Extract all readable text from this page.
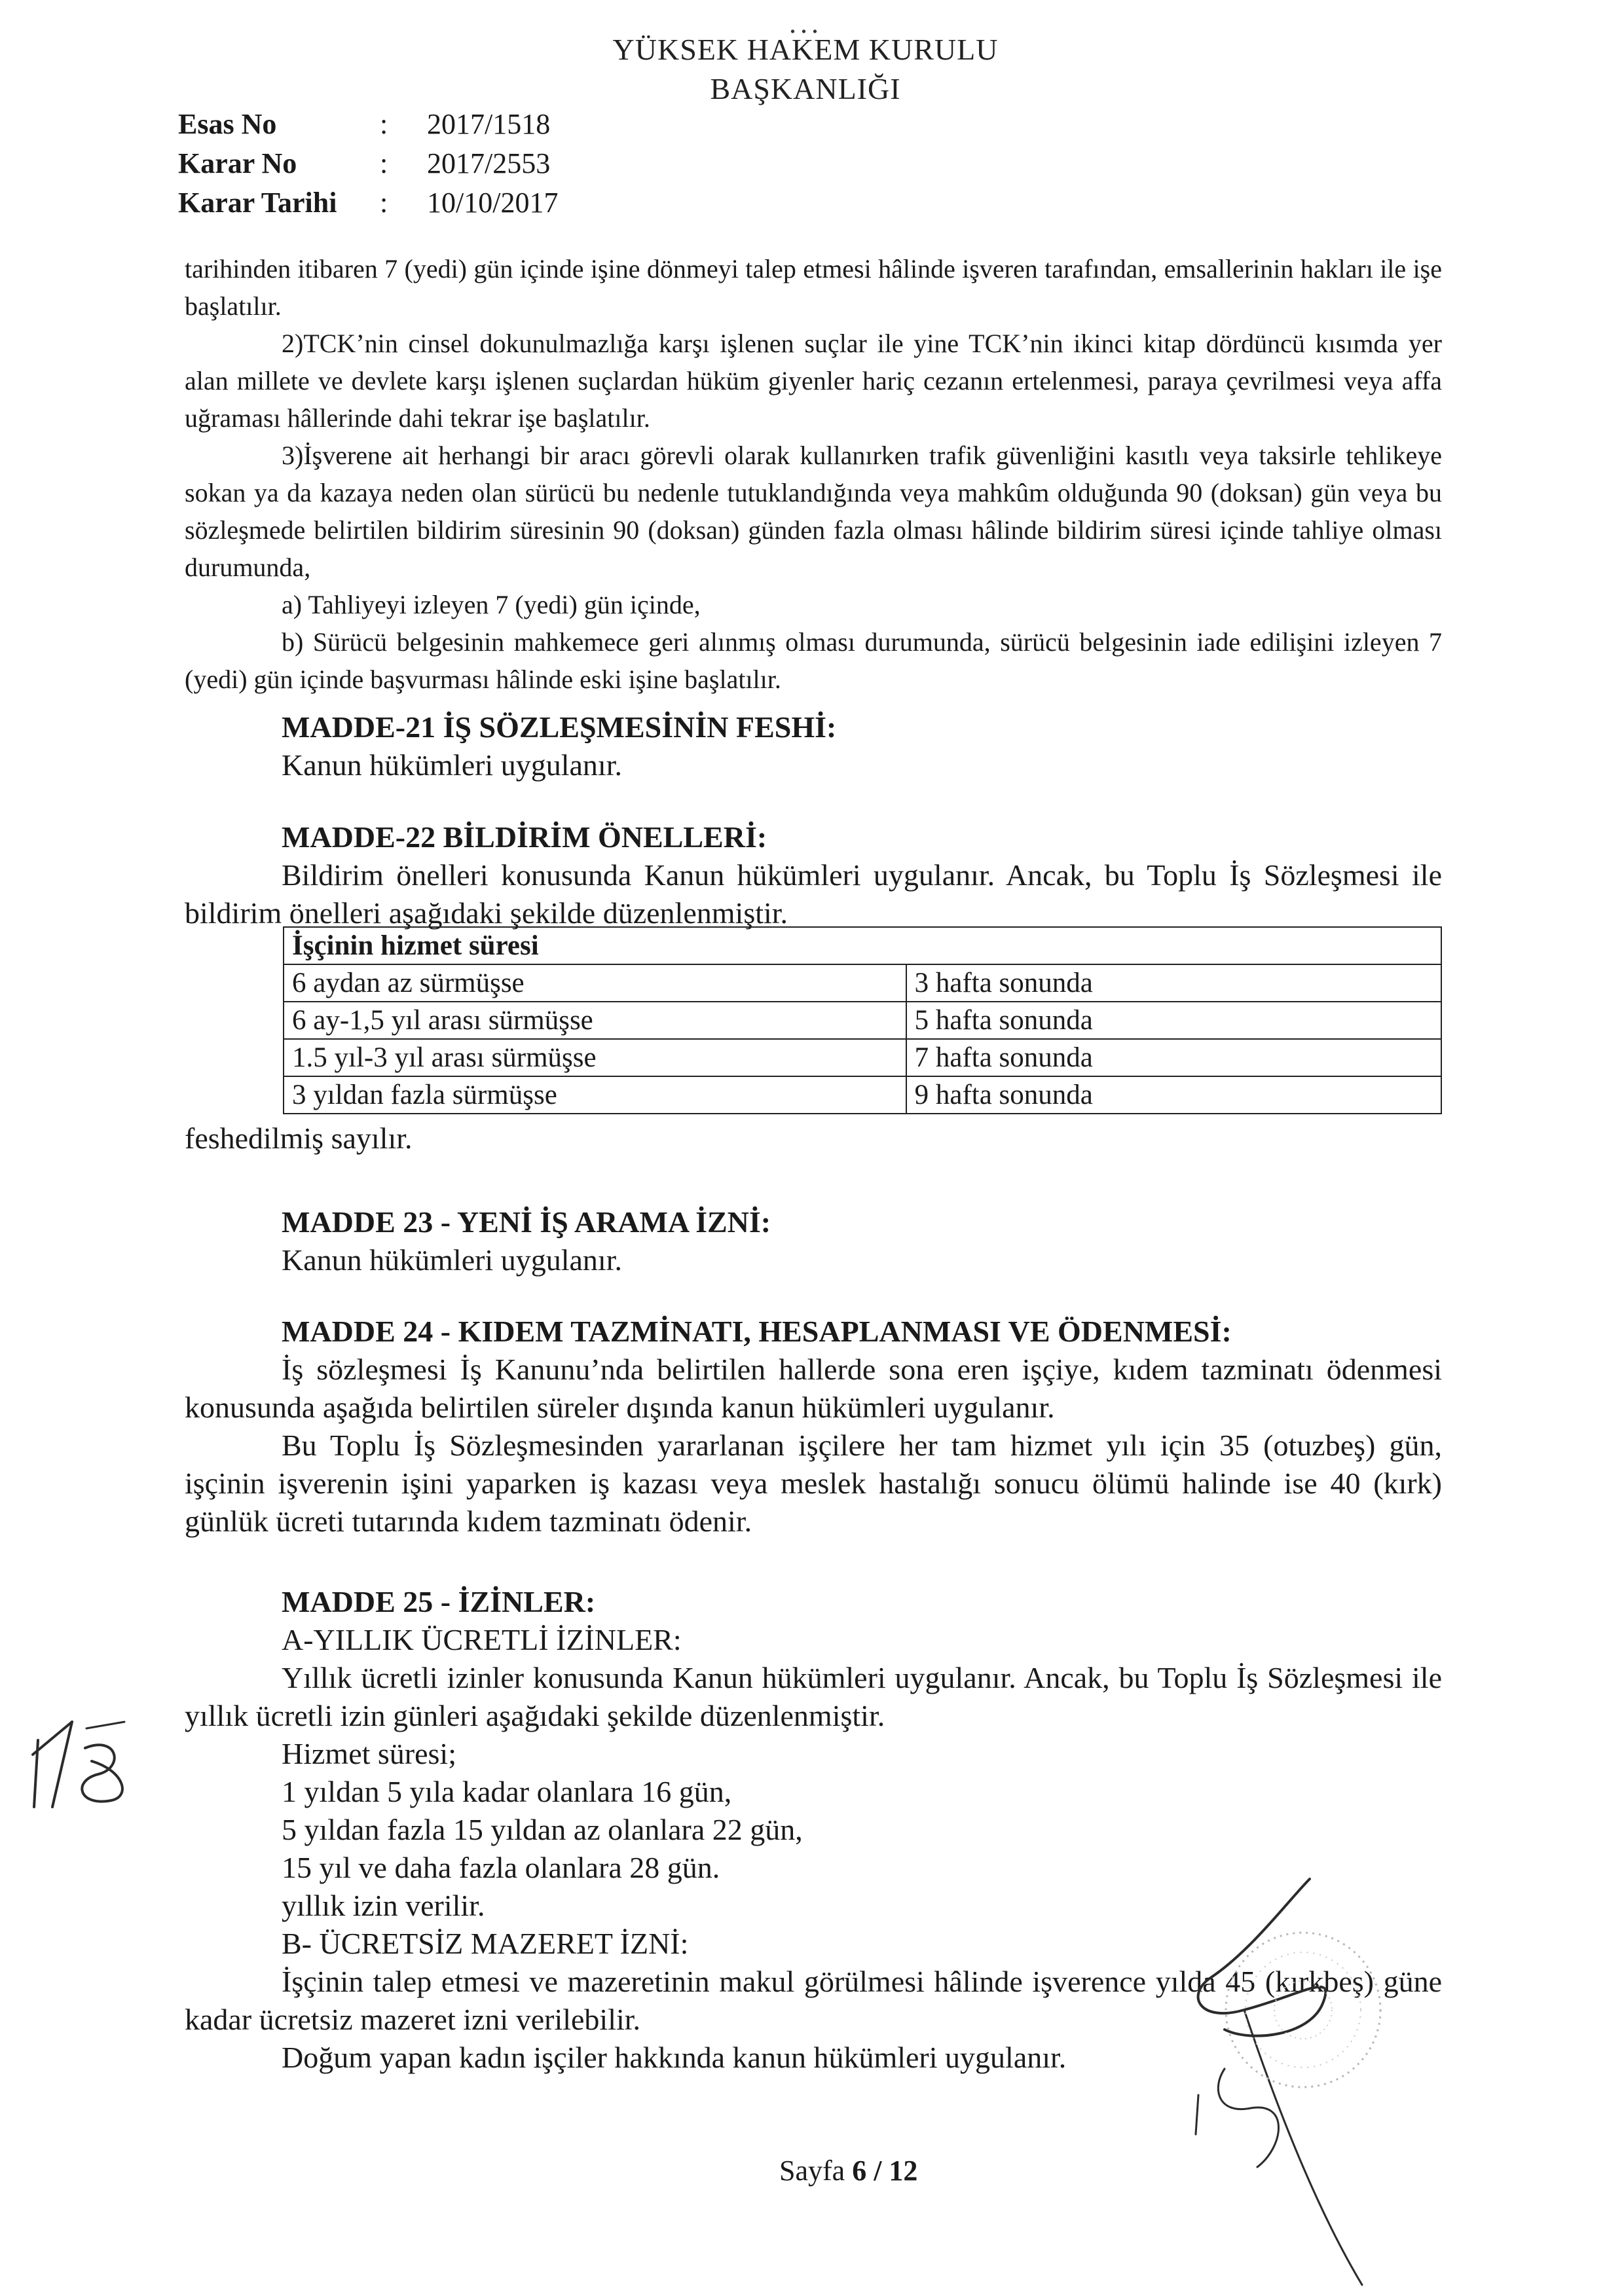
...
YÜKSEK HAKEM KURULU
BAŞKANLIĞI
Esas No	:	2017/1518
Karar No	:	2017/2553
Karar Tarihi	:	10/10/2017

tarihinden itibaren 7 (yedi) gün içinde işine dönmeyi talep etmesi hâlinde işveren tarafından, emsallerinin hakları ile işe başlatılır.

2)TCK’nin cinsel dokunulmazlığa karşı işlenen suçlar ile yine TCK’nin ikinci kitap dördüncü kısımda yer alan millete ve devlete karşı işlenen suçlardan hüküm giyenler hariç cezanın ertelenmesi, paraya çevrilmesi veya affa uğraması hâllerinde dahi tekrar işe başlatılır.

3)İşverene ait herhangi bir aracı görevli olarak kullanırken trafik güvenliğini kasıtlı veya taksirle tehlikeye sokan ya da kazaya neden olan sürücü bu nedenle tutuklandığında veya mahkûm olduğunda 90 (doksan) gün veya bu sözleşmede belirtilen bildirim süresinin 90 (doksan) günden fazla olması hâlinde bildirim süresi içinde tahliye olması durumunda,

a) Tahliyeyi izleyen 7 (yedi) gün içinde,

b) Sürücü belgesinin mahkemece geri alınmış olması durumunda, sürücü belgesinin iade edilişini izleyen 7 (yedi) gün içinde başvurması hâlinde eski işine başlatılır.

MADDE-21 İŞ SÖZLEŞMESİNİN FESHİ:

Kanun hükümleri uygulanır.

MADDE-22 BİLDİRİM ÖNELLERİ:

Bildirim önelleri konusunda Kanun hükümleri uygulanır. Ancak, bu Toplu İş Sözleşmesi ile bildirim önelleri aşağıdaki şekilde düzenlenmiştir.

İşçinin hizmet süresi	
6 aydan az sürmüşse	3 hafta sonunda
6 ay-1,5 yıl arası sürmüşse	5 hafta sonunda
1.5 yıl-3 yıl arası sürmüşse	7 hafta sonunda
3 yıldan fazla sürmüşse	9 hafta sonunda

feshedilmiş sayılır.

MADDE 23 - YENİ İŞ ARAMA İZNİ:

Kanun hükümleri uygulanır.

MADDE 24 - KIDEM TAZMİNATI, HESAPLANMASI VE ÖDENMESİ:

İş sözleşmesi İş Kanunu’nda belirtilen hallerde sona eren işçiye, kıdem tazminatı ödenmesi konusunda aşağıda belirtilen süreler dışında kanun hükümleri uygulanır.

Bu Toplu İş Sözleşmesinden yararlanan işçilere her tam hizmet yılı için 35 (otuzbeş) gün, işçinin işverenin işini yaparken iş kazası veya meslek hastalığı sonucu ölümü halinde ise 40 (kırk) günlük ücreti tutarında kıdem tazminatı ödenir.

MADDE 25 - İZİNLER:

A-YILLIK ÜCRETLİ İZİNLER:

Yıllık ücretli izinler konusunda Kanun hükümleri uygulanır. Ancak, bu Toplu İş Sözleşmesi ile yıllık ücretli izin günleri aşağıdaki şekilde düzenlenmiştir.

Hizmet süresi;

1 yıldan 5 yıla kadar olanlara 16 gün,

5 yıldan fazla 15 yıldan az olanlara 22 gün,

15 yıl ve daha fazla olanlara 28 gün.

yıllık izin verilir.

B- ÜCRETSİZ MAZERET İZNİ:

İşçinin talep etmesi ve mazeretinin makul görülmesi hâlinde işverence yılda 45 (kırkbeş) güne kadar ücretsiz mazeret izni verilebilir.

Doğum yapan kadın işçiler hakkında kanun hükümleri uygulanır.

Sayfa 6 / 12
